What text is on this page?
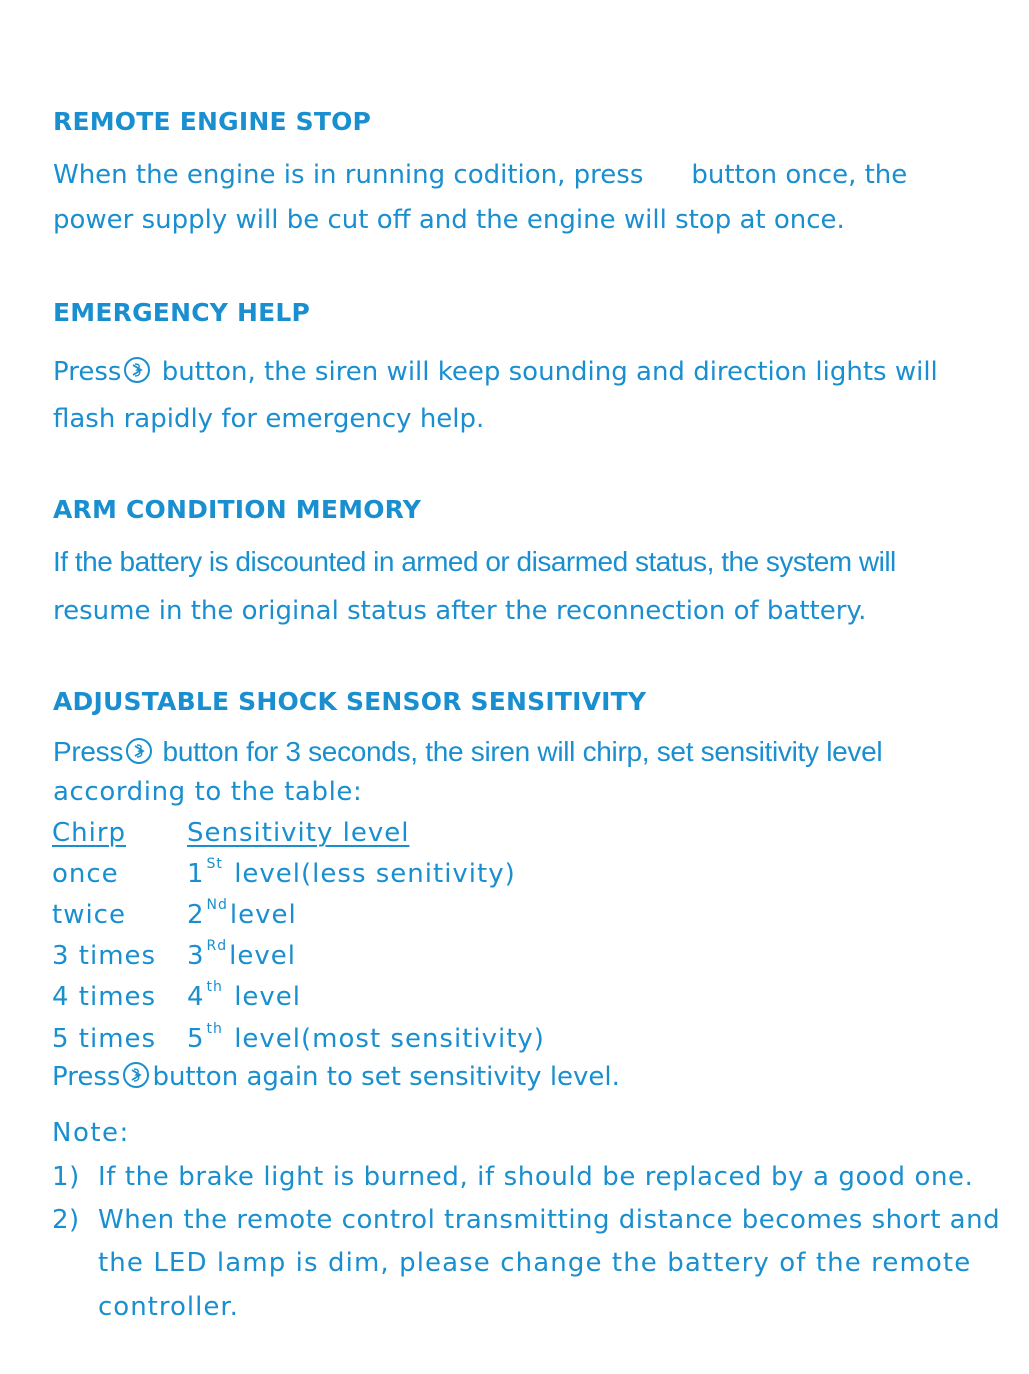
REMOTE ENGINE STOP
When the engine is in running codition, press button once, the
power supply will be cut off and the engine will stop at once.
EMERGENCY HELP
Press
button, the siren will keep sounding and direction lights will
flash rapidly for emergency help.
ARM CONDITION MEMORY
If the battery is discounted in armed or disarmed status, the system will
resume in the original status after the reconnection of battery.
ADJUSTABLE SHOCK SENSOR SENSITIVITY
Press
button for 3 seconds, the siren will chirp, set sensitivity level
according to the table:
Chirp Sensitivity level
once	1 $^{St}$ level(less senitivity)
twice 2 $^{Nd}$level
3 times 3 $^{Rd}$level
4 times 4 $^{th}$ level
5 times 5 $^{th}$ level(most sensitivity)
Press button again to set sensitivity level.
Note:
1) If the brake light is burned, if should be replaced by a good one.
2) When the remote control transmitting distance becomes short and
the LED lamp is dim, please change the battery of the remote
controller.
